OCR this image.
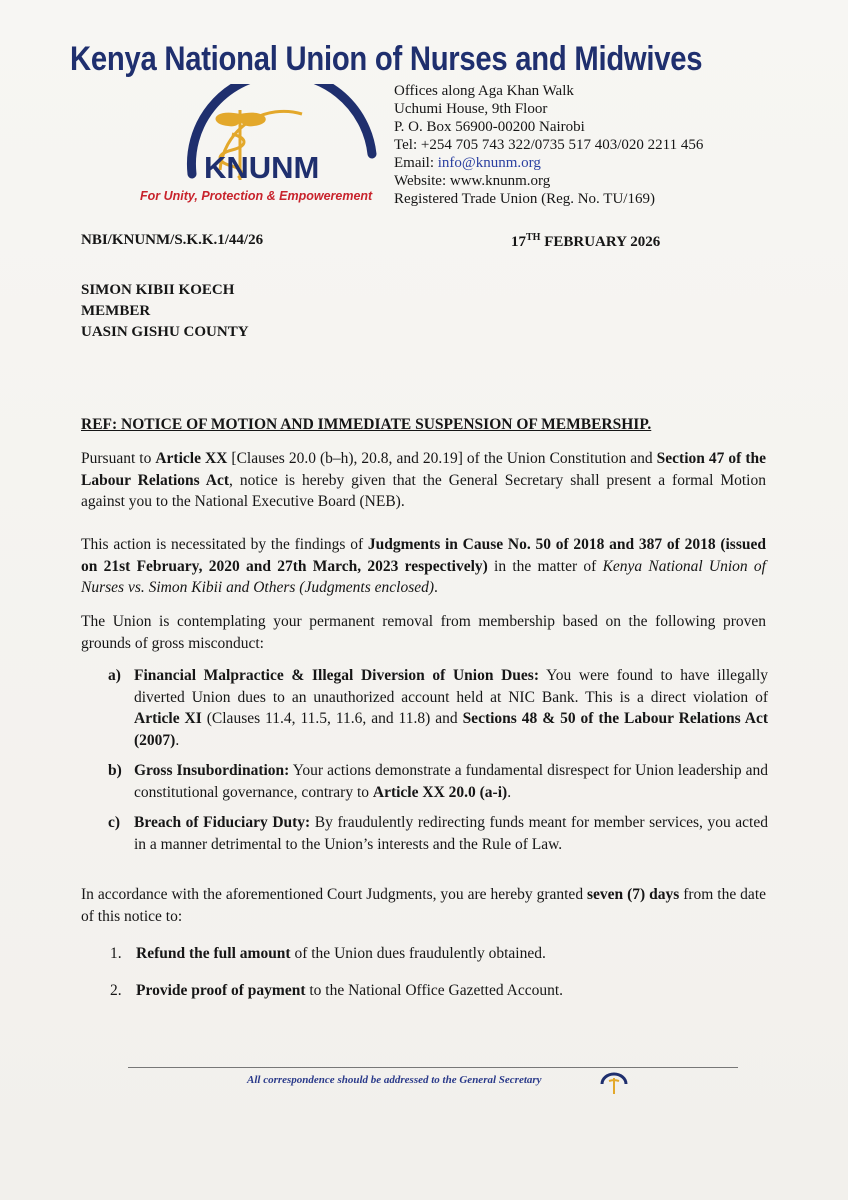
Kenya National Union of Nurses and Midwives
KNUNM
For Unity, Protection & Empowerement
Offices along Aga Khan Walk
Uchumi House, 9th Floor
P. O. Box 56900-00200 Nairobi
Tel: +254 705 743 322/0735 517 403/020 2211 456
Email: info@knunm.org
Website: www.knunm.org
Registered Trade Union (Reg. No. TU/169)
NBI/KNUNM/S.K.K.1/44/26	17TH FEBRUARY 2026
SIMON KIBII KOECH
MEMBER
UASIN GISHU COUNTY
REF: NOTICE OF MOTION AND IMMEDIATE SUSPENSION OF MEMBERSHIP.
Pursuant to Article XX [Clauses 20.0 (b–h), 20.8, and 20.19] of the Union Constitution and Section 47 of the Labour Relations Act, notice is hereby given that the General Secretary shall present a formal Motion against you to the National Executive Board (NEB).
This action is necessitated by the findings of Judgments in Cause No. 50 of 2018 and 387 of 2018 (issued on 21st February, 2020 and 27th March, 2023 respectively) in the matter of Kenya National Union of Nurses vs. Simon Kibii and Others (Judgments enclosed).
The Union is contemplating your permanent removal from membership based on the following proven grounds of gross misconduct:
a) Financial Malpractice & Illegal Diversion of Union Dues: You were found to have illegally diverted Union dues to an unauthorized account held at NIC Bank. This is a direct violation of Article XI (Clauses 11.4, 11.5, 11.6, and 11.8) and Sections 48 & 50 of the Labour Relations Act (2007).
b) Gross Insubordination: Your actions demonstrate a fundamental disrespect for Union leadership and constitutional governance, contrary to Article XX 20.0 (a-i).
c) Breach of Fiduciary Duty: By fraudulently redirecting funds meant for member services, you acted in a manner detrimental to the Union’s interests and the Rule of Law.
In accordance with the aforementioned Court Judgments, you are hereby granted seven (7) days from the date of this notice to:
1. Refund the full amount of the Union dues fraudulently obtained.
2. Provide proof of payment to the National Office Gazetted Account.
All correspondence should be addressed to the General Secretary
